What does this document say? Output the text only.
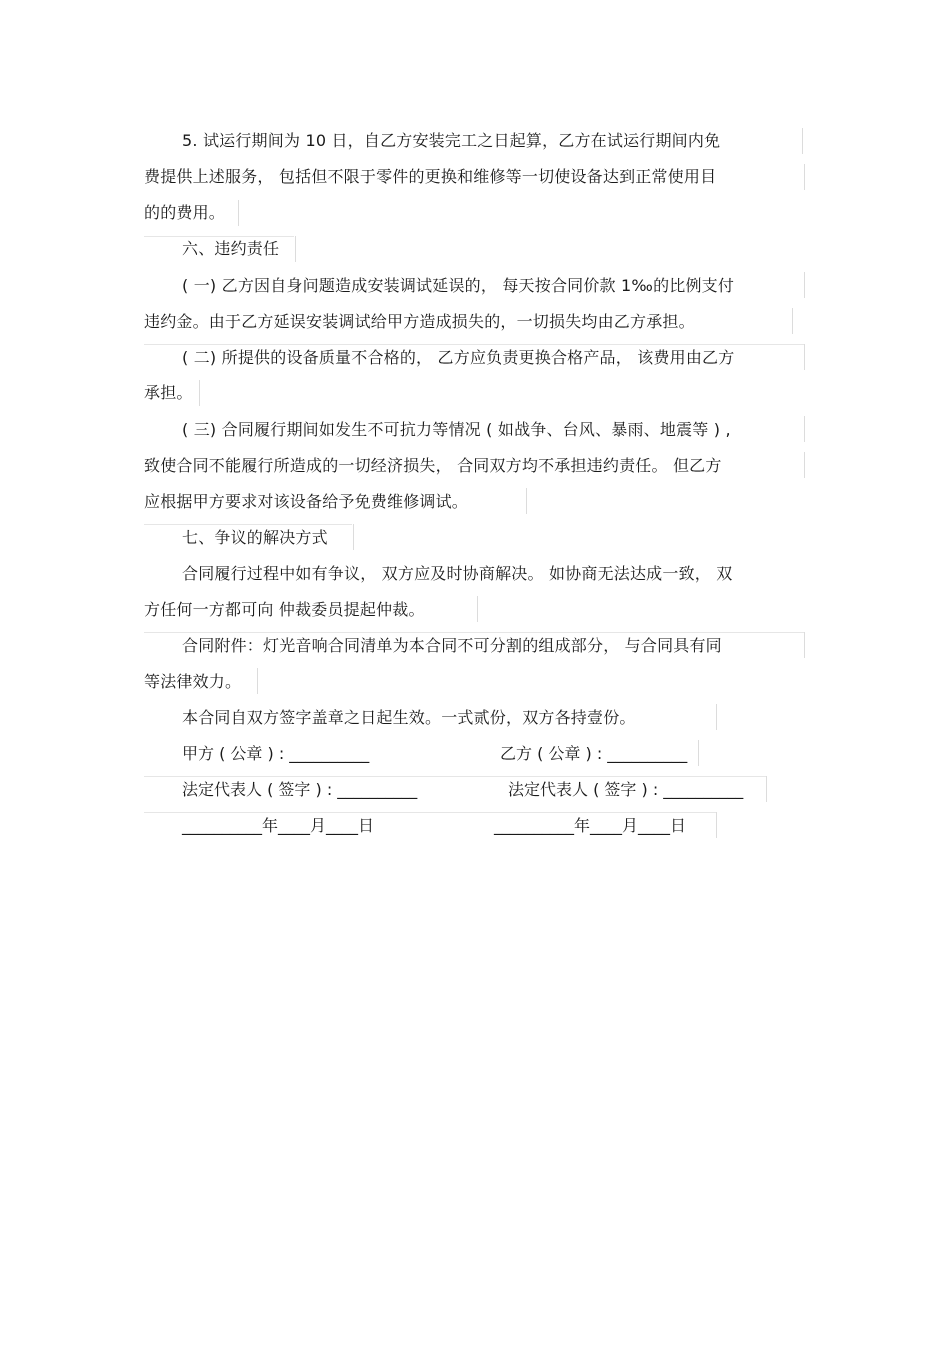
5. 试运行期间为 10 日，自乙方安装完工之日起算，乙方在试运行期间内免
费提供上述服务， 包括但不限于零件的更换和维修等一切使设备达到正常使用目
的的费用。
六、违约责任
( 一) 乙方因自身问题造成安装调试延误的， 每天按合同价款 1‰的比例支付
违约金。由于乙方延误安装调试给甲方造成损失的，一切损失均由乙方承担。
( 二) 所提供的设备质量不合格的， 乙方应负责更换合格产品， 该费用由乙方
承担。
( 三) 合同履行期间如发生不可抗力等情况 ( 如战争、台风、暴雨、地震等 ) ,
致使合同不能履行所造成的一切经济损失， 合同双方均不承担违约责任。 但乙方
应根据甲方要求对该设备给予免费维修调试。
七、争议的解决方式
合同履行过程中如有争议， 双方应及时协商解决。 如协商无法达成一致， 双
方任何一方都可向 仲裁委员提起仲裁。
合同附件：灯光音响合同清单为本合同不可分割的组成部分， 与合同具有同
等法律效力。
本合同自双方签字盖章之日起生效。一式贰份，双方各持壹份。
甲方 ( 公章 ) : __________	乙方 ( 公章 ) : __________
法定代表人 ( 签字 ) : __________	法定代表人 ( 签字 ) : __________
__________年____月____日	__________年____月____日
